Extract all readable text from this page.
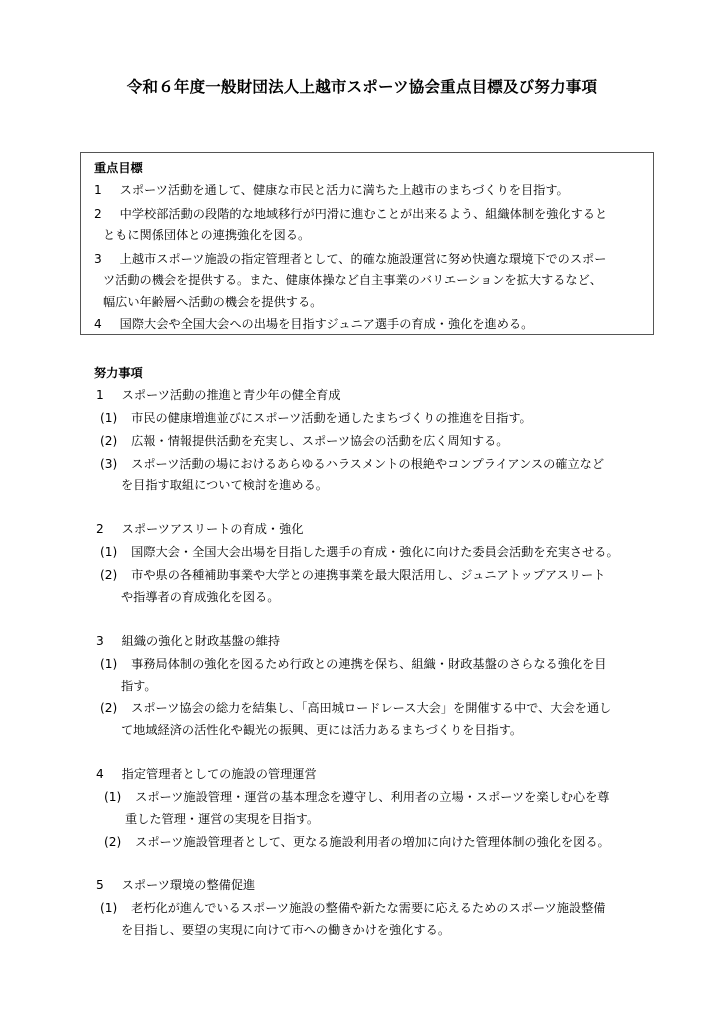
令和６年度一般財団法人上越市スポーツ協会重点目標及び努力事項
重点目標
1 スポーツ活動を通して、健康な市民と活力に満ちた上越市のまちづくりを目指す。
2 中学校部活動の段階的な地域移行が円滑に進むことが出来るよう、組織体制を強化すると
ともに関係団体との連携強化を図る。
3 上越市スポーツ施設の指定管理者として、的確な施設運営に努め快適な環境下でのスポー
ツ活動の機会を提供する。また、健康体操など自主事業のバリエーションを拡大するなど、
幅広い年齢層へ活動の機会を提供する。
4 国際大会や全国大会への出場を目指すジュニア選手の育成・強化を進める。
努力事項
1 スポーツ活動の推進と青少年の健全育成
(1) 市民の健康増進並びにスポーツ活動を通したまちづくりの推進を目指す。
(2) 広報・情報提供活動を充実し、スポーツ協会の活動を広く周知する。
(3) スポーツ活動の場におけるあらゆるハラスメントの根絶やコンプライアンスの確立など
を目指す取組について検討を進める。
2 スポーツアスリートの育成・強化
(1) 国際大会・全国大会出場を目指した選手の育成・強化に向けた委員会活動を充実させる。
(2) 市や県の各種補助事業や大学との連携事業を最大限活用し、ジュニアトップアスリート
や指導者の育成強化を図る。
3 組織の強化と財政基盤の維持
(1) 事務局体制の強化を図るため行政との連携を保ち、組織・財政基盤のさらなる強化を目
指す。
(2) スポーツ協会の総力を結集し、「高田城ロードレース大会」を開催する中で、大会を通し
て地域経済の活性化や観光の振興、更には活力あるまちづくりを目指す。
4 指定管理者としての施設の管理運営
(1) スポーツ施設管理・運営の基本理念を遵守し、利用者の立場・スポーツを楽しむ心を尊
重した管理・運営の実現を目指す。
(2) スポーツ施設管理者として、更なる施設利用者の増加に向けた管理体制の強化を図る。
5 スポーツ環境の整備促進
(1) 老朽化が進んでいるスポーツ施設の整備や新たな需要に応えるためのスポーツ施設整備
を目指し、要望の実現に向けて市への働きかけを強化する。
